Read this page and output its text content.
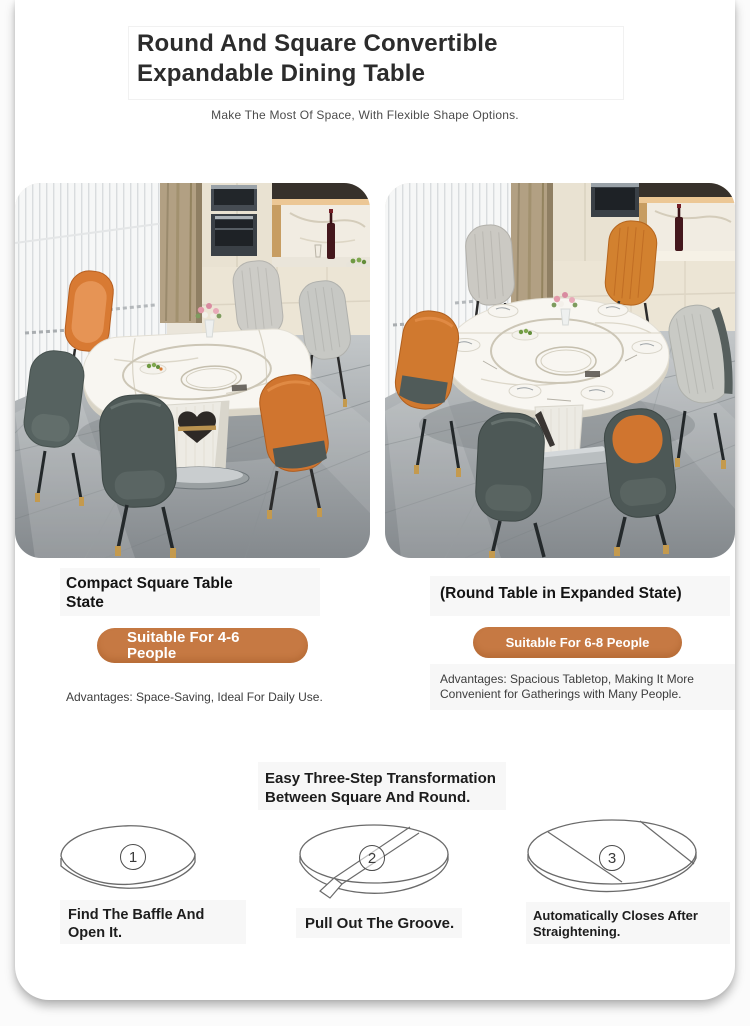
Round And Square Convertible
Expandable Dining Table
Make The Most Of Space, With Flexible Shape Options.
Compact Square Table State
Suitable For 4-6 People
Advantages: Space-Saving, Ideal For Daily Use.
(Round Table in Expanded State)
Suitable For 6-8 People
Advantages: Spacious Tabletop, Making It More Convenient for Gatherings with Many People.
Easy Three-Step Transformation Between Square And Round.
1	2	3
Find The Baffle And Open It.
Pull Out The Groove.	Automatically Closes After Straightening.
